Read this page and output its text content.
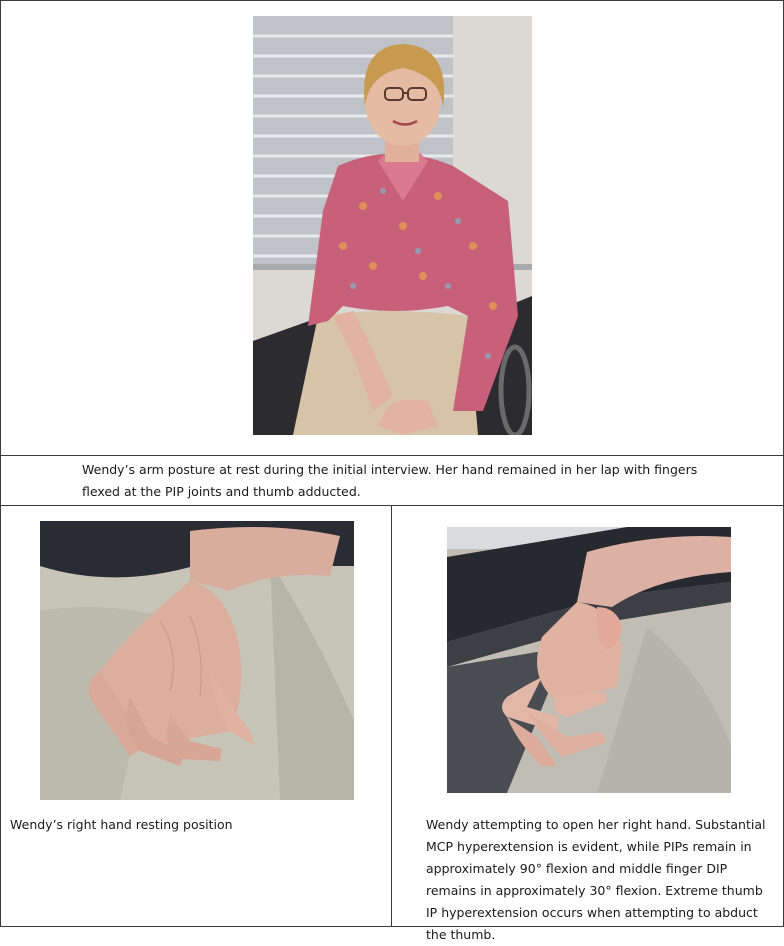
Wendy’s arm posture at rest during the initial interview. Her hand remained in her lap with fingers flexed at the PIP joints and thumb adducted.
Wendy’s right hand resting position	Wendy attempting to open her right hand. Substantial MCP hyperextension is evident, while PIPs remain in approximately 90° flexion and middle finger DIP remains in approximately 30° flexion. Extreme thumb IP hyperextension occurs when attempting to abduct the thumb.
